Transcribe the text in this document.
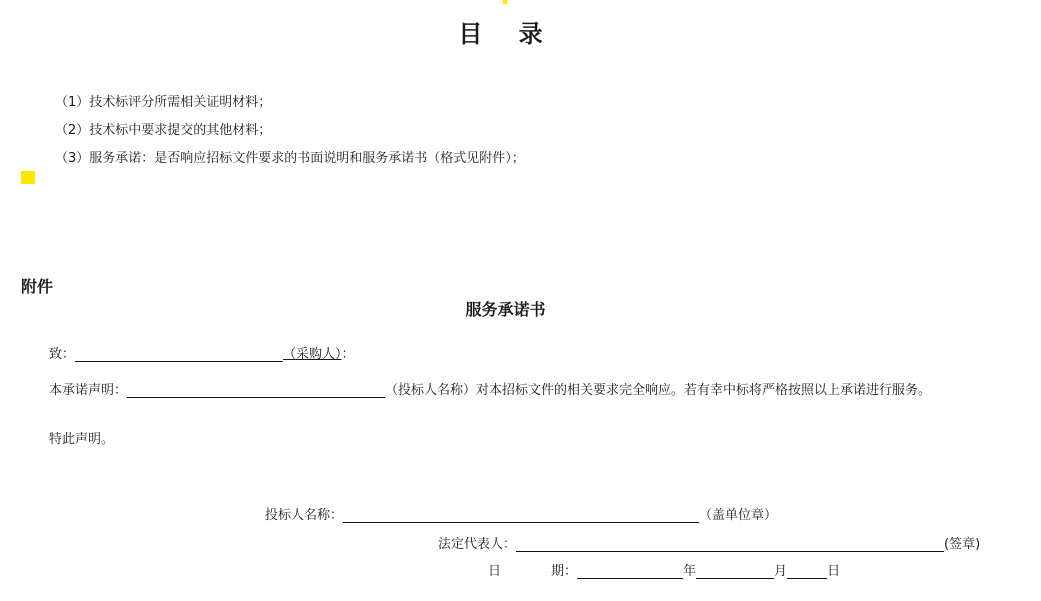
目 录
（1）技术标评分所需相关证明材料；
（2）技术标中要求提交的其他材料；
（3）服务承诺：是否响应招标文件要求的书面说明和服务承诺书（格式见附件）；
附件
服务承诺书
致：	（采购人）：
本承诺声明：	（投标人名称）对本招标文件的相关要求完全响应。若有幸中标将严格按照以上承诺进行服务。
特此声明。
投标人名称：	（盖单位章）
法定代表人：	(签章)
日	期：	年	月	日
